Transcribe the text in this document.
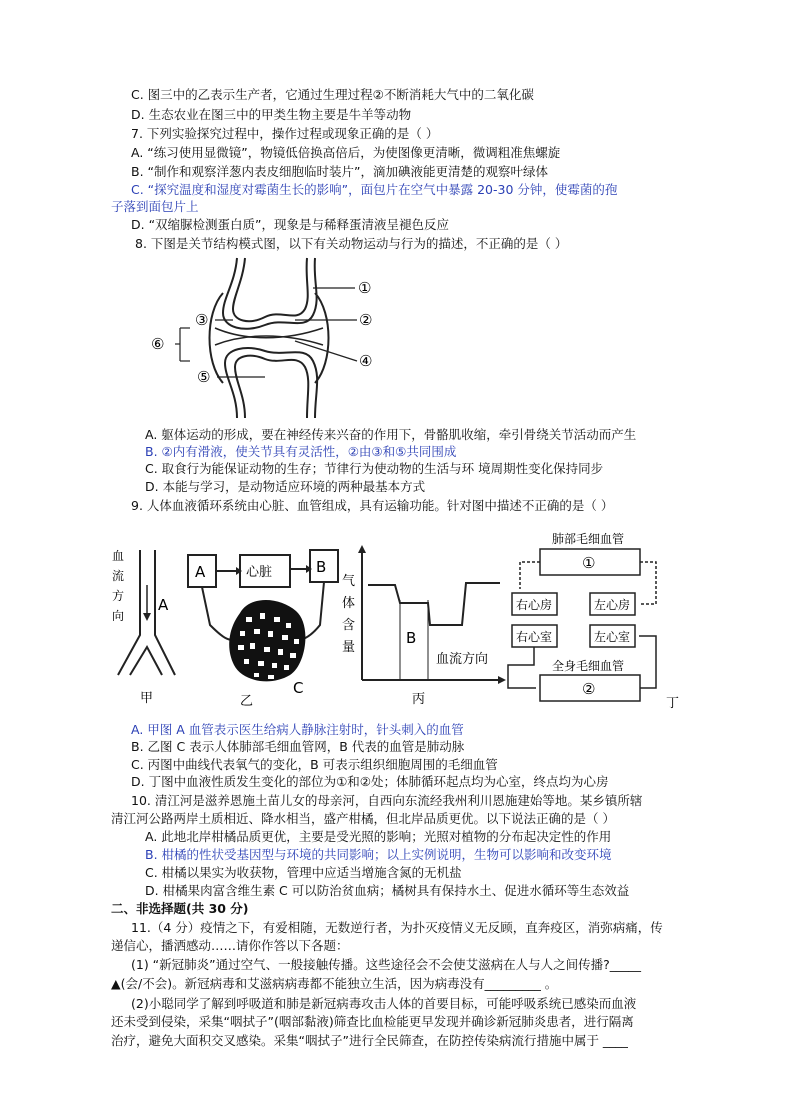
C. 图三中的乙表示生产者，它通过生理过程②不断消耗大气中的二氧化碳
D. 生态农业在图三中的甲类生物主要是牛羊等动物
7. 下列实验探究过程中，操作过程或现象正确的是（ ）
A. “练习使用显微镜”，物镜低倍换高倍后，为使图像更清晰，微调粗准焦螺旋
B. “制作和观察洋葱内表皮细胞临时装片”，滴加碘液能更清楚的观察叶绿体
C. “探究温度和湿度对霉菌生长的影响”，面包片在空气中暴露 20-30 分钟，使霉菌的孢
子落到面包片上
D. “双缩脲检测蛋白质”，现象是与稀释蛋清液呈褪色反应
8. 下图是关节结构模式图，以下有关动物运动与行为的描述，不正确的是（ ）
①
②
③
④
⑤
⑥
A. 躯体运动的形成，要在神经传来兴奋的作用下，骨骼肌收缩，牵引骨绕关节活动而产生
B. ②内有滑液，使关节具有灵活性，②由③和⑤共同围成
C. 取食行为能保证动物的生存；节律行为使动物的生活与环 境周期性变化保持同步
D. 本能与学习，是动物适应环境的两种最基本方式
9. 人体血液循环系统由心脏、血管组成，具有运输功能。针对图中描述不正确的是（ ）
血
流
方
向
A
甲
A	心脏	B
乙
C
气
体
含
量
B
血流方向
丙
肺部毛细血管
①
右心房	左心房
右心室	左心室
全身毛细血管
②
丁
A. 甲图 A 血管表示医生给病人静脉注射时，针头刺入的血管
B. 乙图 C 表示人体肺部毛细血管网，B 代表的血管是肺动脉
C. 丙图中曲线代表氧气的变化，B 可表示组织细胞周围的毛细血管
D. 丁图中血液性质发生变化的部位为①和②处；体肺循环起点均为心室，终点均为心房
10. 清江河是滋养恩施土苗儿女的母亲河，自西向东流经我州利川恩施建始等地。某乡镇所辖
清江河公路两岸土质相近、降水相当，盛产柑橘，但北岸品质更优。以下说法正确的是（ ）
A. 此地北岸柑橘品质更优，主要是受光照的影响；光照对植物的分布起决定性的作用
B. 柑橘的性状受基因型与环境的共同影响；以上实例说明，生物可以影响和改变环境
C. 柑橘以果实为收获物，管理中应适当增施含氮的无机盐
D. 柑橘果肉富含维生素 C 可以防治贫血病；橘树具有保持水土、促进水循环等生态效益
二、非选择题(共 30 分)
11.（4 分）疫情之下，有爱相随，无数逆行者，为扑灭疫情义无反顾，直奔疫区，消弥病痛，传
递信心，播洒感动……请你作答以下各题：
(1) “新冠肺炎”通过空气、一般接触传播。这些途径会不会使艾滋病在人与人之间传播?_____
▲(会/不会)。新冠病毒和艾滋病病毒都不能独立生活，因为病毒没有_________ 。
(2)小聪同学了解到呼吸道和肺是新冠病毒攻击人体的首要目标，可能呼吸系统已感染而血液
还未受到侵染，采集“咽拭子”(咽部黏液)筛查比血检能更早发现并确诊新冠肺炎患者，进行隔离
治疗，避免大面积交叉感染。采集“咽拭子”进行全民筛查，在防控传染病流行措施中属于 ____
